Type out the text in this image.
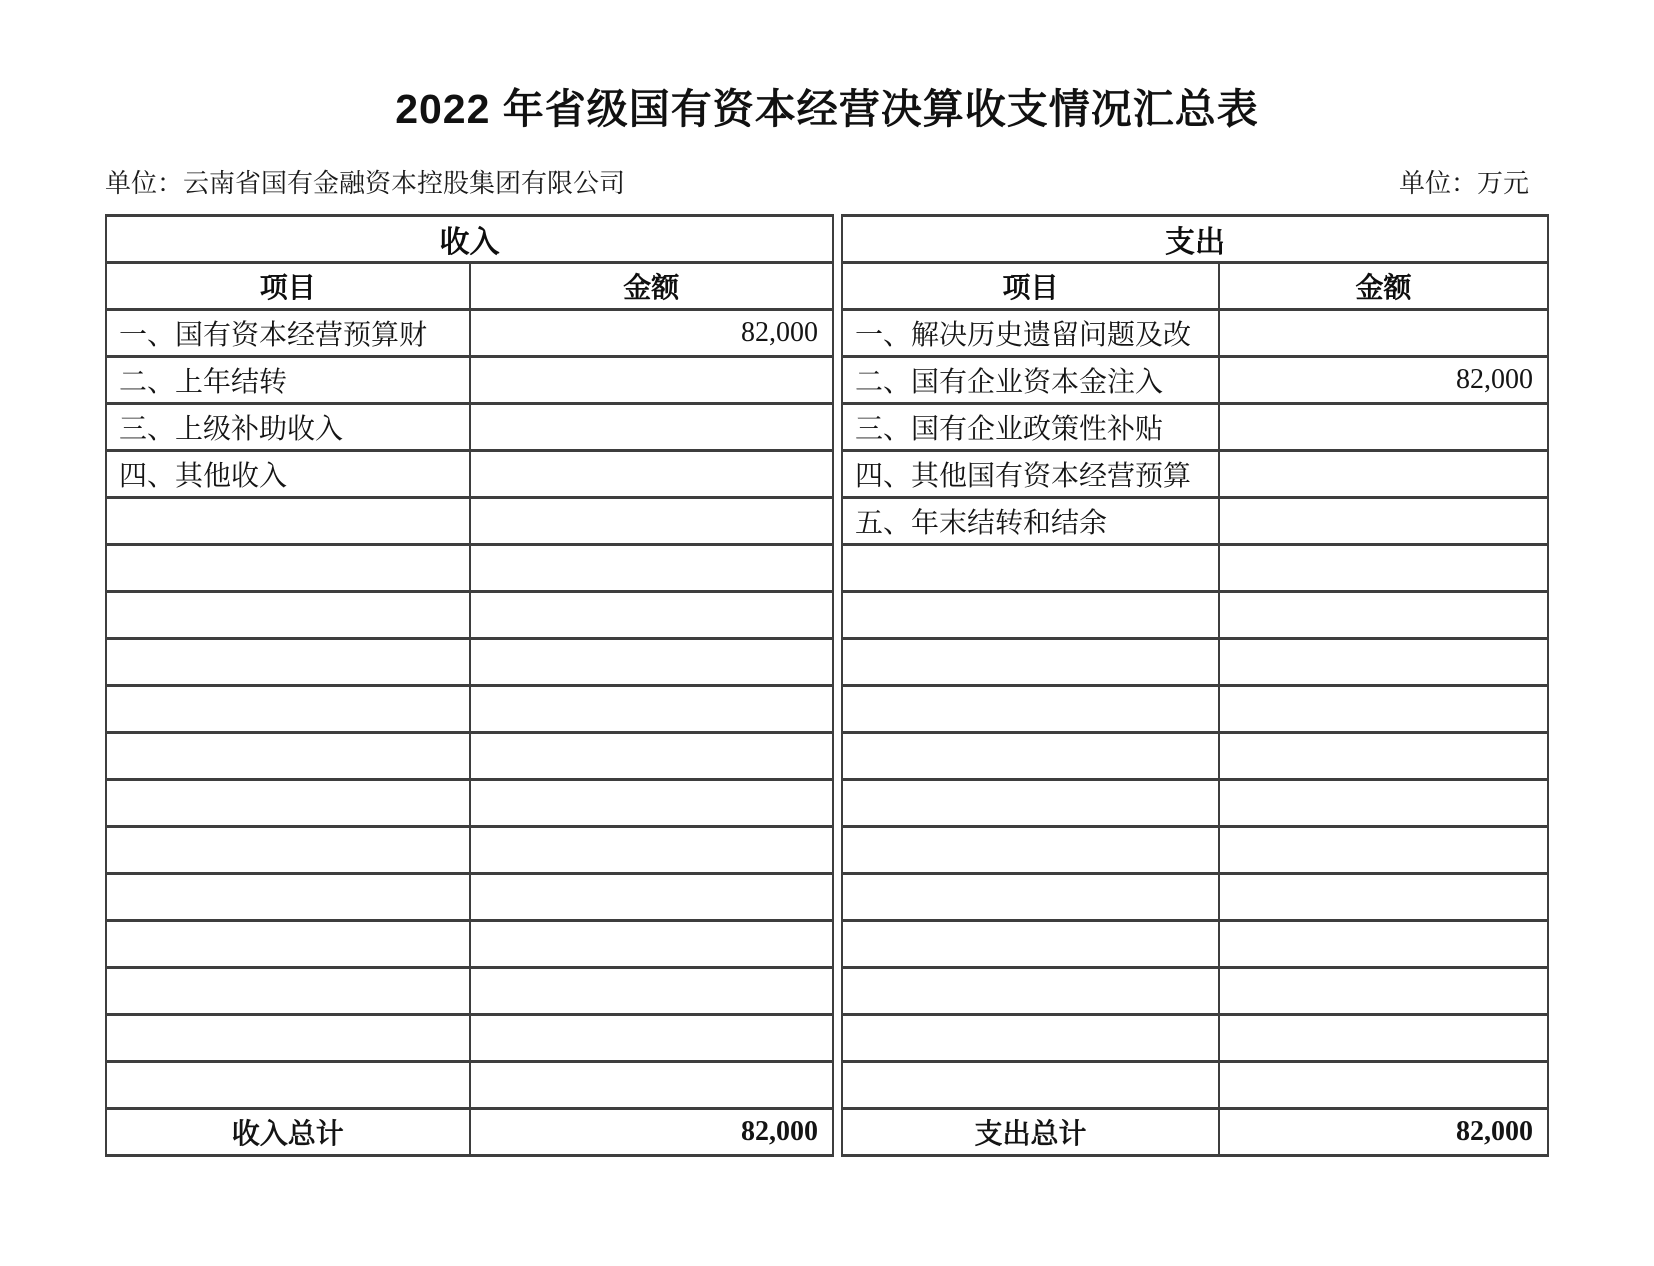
2022 年省级国有资本经营决算收支情况汇总表
单位：云南省国有金融资本控股集团有限公司	单位：万元
收入	
项目	金额
一、国有资本经营预算财	82,000
二、上年结转	
三、上级补助收入	
四、其他收入	

收入总计	82,000
支出	
项目	金额
一、解决历史遗留问题及改	
二、国有企业资本金注入	82,000
三、国有企业政策性补贴	
四、其他国有资本经营预算	
五、年末结转和结余	

支出总计	82,000
